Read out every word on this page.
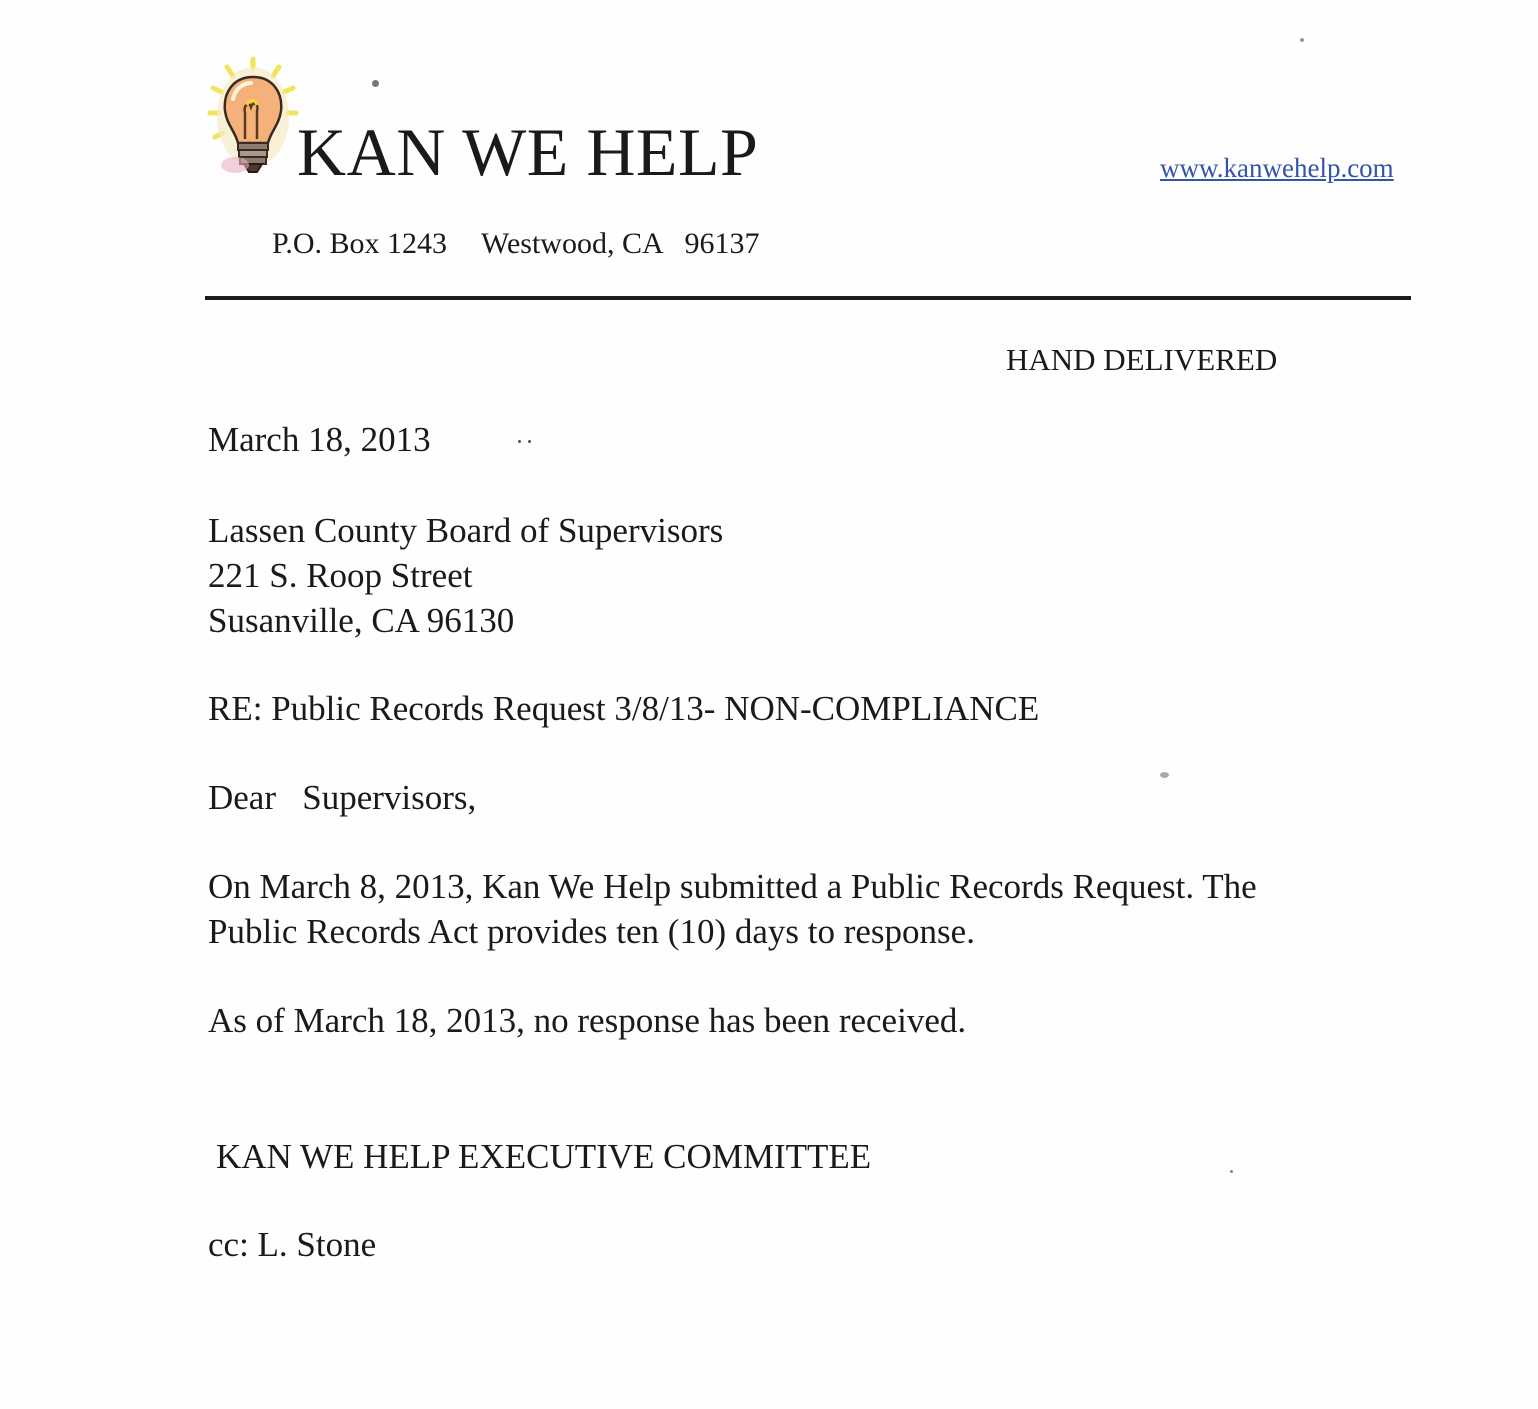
KAN WE HELP	www.kanwehelp.com
P.O. Box 1243 Westwood, CA   96137
HAND DELIVERED
March 18, 2013
Lassen County Board of Supervisors
221 S. Roop Street
Susanville, CA 96130
RE: Public Records Request 3/8/13- NON-COMPLIANCE
Dear   Supervisors,
On March 8, 2013, Kan We Help submitted a Public Records Request. The
Public Records Act provides ten (10) days to response.
As of March 18, 2013, no response has been received.
KAN WE HELP EXECUTIVE COMMITTEE
cc: L. Stone
